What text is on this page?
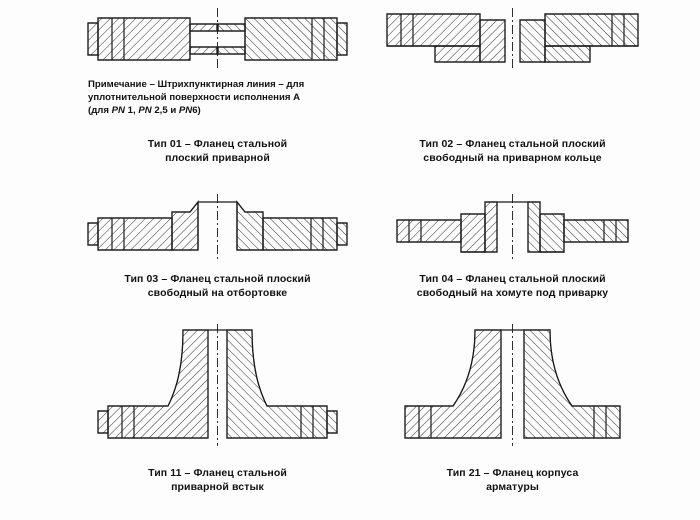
Примечание – Штрихпунктирная линия – для
уплотнительной поверхности исполнения А
(для PN 1, PN 2,5 и PN6)
Тип 01 – Фланец стальной
плоский приварной
Тип 02 – Фланец стальной плоский
свободный на приварном кольце
Тип 03 – Фланец стальной плоский
свободный на отбортовке
Тип 04 – Фланец стальной плоский
свободный на хомуте под приварку
Тип 11 – Фланец стальной
приварной встык
Тип 21 – Фланец корпуса
арматуры
